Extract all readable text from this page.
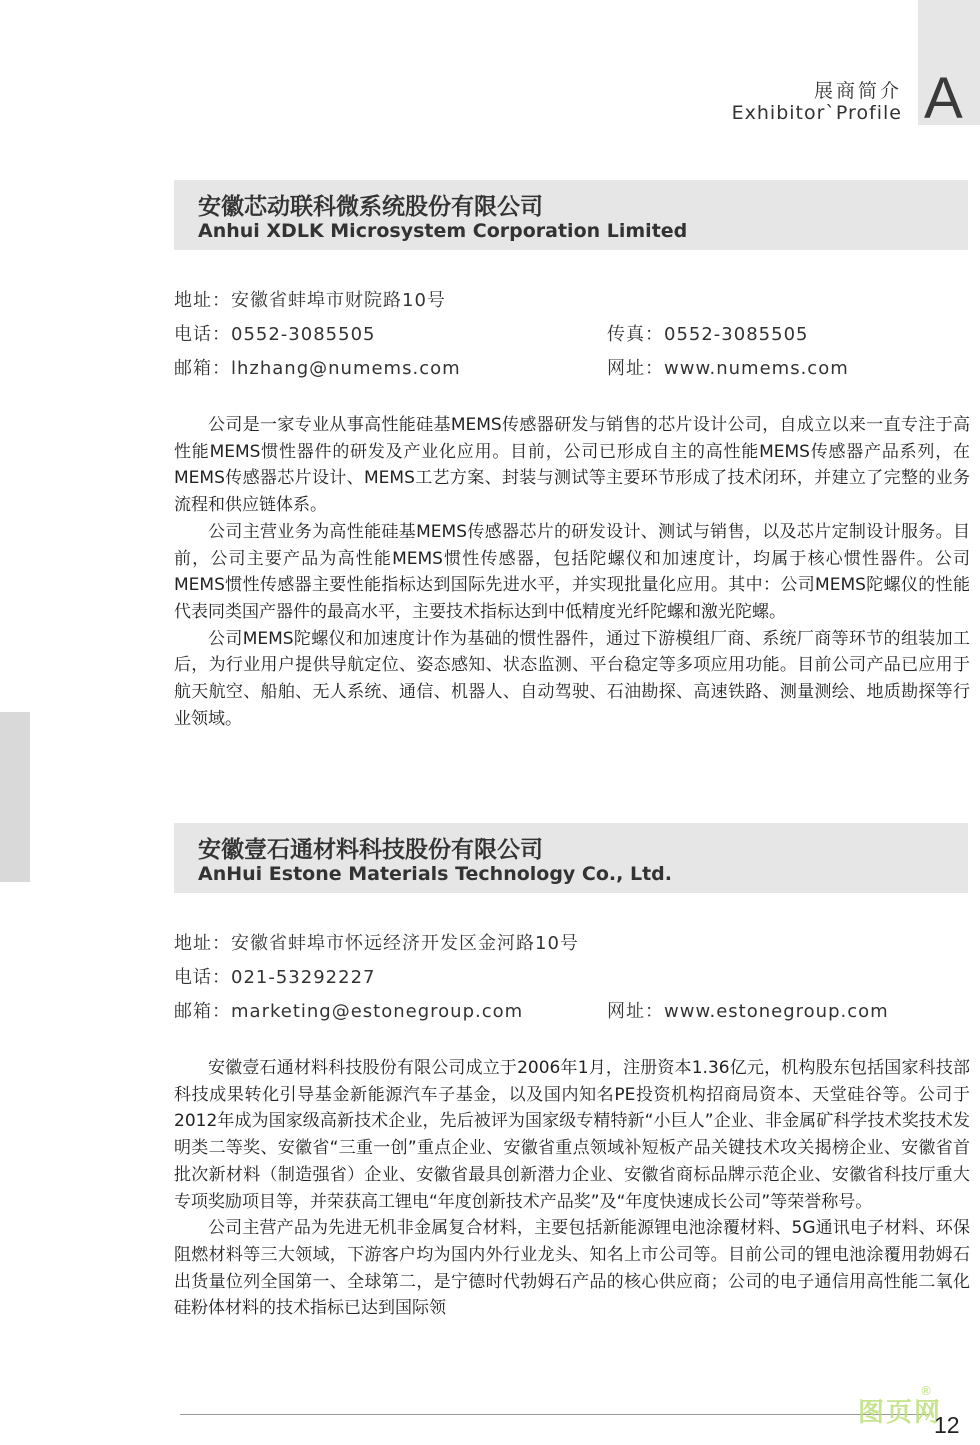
A
展商简介
Exhibitor`Profile
安徽芯动联科微系统股份有限公司
Anhui XDLK Microsystem Corporation Limited
地址：安徽省蚌埠市财院路10号
电话：0552-3085505	传真：0552-3085505
邮箱：lhzhang@numems.com	网址：www.numems.com

公司是一家专业从事高性能硅基MEMS传感器研发与销售的芯片设计公司，自成立以来一直专注于高性能MEMS惯性器件的研发及产业化应用。目前，公司已形成自主的高性能MEMS传感器产品系列，在MEMS传感器芯片设计、MEMS工艺方案、封装与测试等主要环节形成了技术闭环，并建立了完整的业务流程和供应链体系。

公司主营业务为高性能硅基MEMS传感器芯片的研发设计、测试与销售，以及芯片定制设计服务。目前，公司主要产品为高性能MEMS惯性传感器，包括陀螺仪和加速度计，均属于核心惯性器件。公司MEMS惯性传感器主要性能指标达到国际先进水平，并实现批量化应用。其中：公司MEMS陀螺仪的性能代表同类国产器件的最高水平，主要技术指标达到中低精度光纤陀螺和激光陀螺。

公司MEMS陀螺仪和加速度计作为基础的惯性器件，通过下游模组厂商、系统厂商等环节的组装加工后，为行业用户提供导航定位、姿态感知、状态监测、平台稳定等多项应用功能。目前公司产品已应用于航天航空、船舶、无人系统、通信、机器人、自动驾驶、石油勘探、高速铁路、测量测绘、地质勘探等行业领域。

安徽壹石通材料科技股份有限公司
AnHui Estone Materials Technology Co., Ltd.
地址：安徽省蚌埠市怀远经济开发区金河路10号
电话：021-53292227
邮箱：marketing@estonegroup.com	网址：www.estonegroup.com

安徽壹石通材料科技股份有限公司成立于2006年1月，注册资本1.36亿元，机构股东包括国家科技部科技成果转化引导基金新能源汽车子基金，以及国内知名PE投资机构招商局资本、天堂硅谷等。公司于2012年成为国家级高新技术企业，先后被评为国家级专精特新“小巨人”企业、非金属矿科学技术奖技术发明类二等奖、安徽省“三重一创”重点企业、安徽省重点领域补短板产品关键技术攻关揭榜企业、安徽省首批次新材料（制造强省）企业、安徽省最具创新潜力企业、安徽省商标品牌示范企业、安徽省科技厅重大专项奖励项目等，并荣获高工锂电“年度创新技术产品奖”及“年度快速成长公司”等荣誉称号。

公司主营产品为先进无机非金属复合材料，主要包括新能源锂电池涂覆材料、5G通讯电子材料、环保阻燃材料等三大领域，下游客户均为国内外行业龙头、知名上市公司等。目前公司的锂电池涂覆用勃姆石出货量位列全国第一、全球第二，是宁德时代勃姆石产品的核心供应商；公司的电子通信用高性能二氧化硅粉体材料的技术指标已达到国际领

图页网
®
12
